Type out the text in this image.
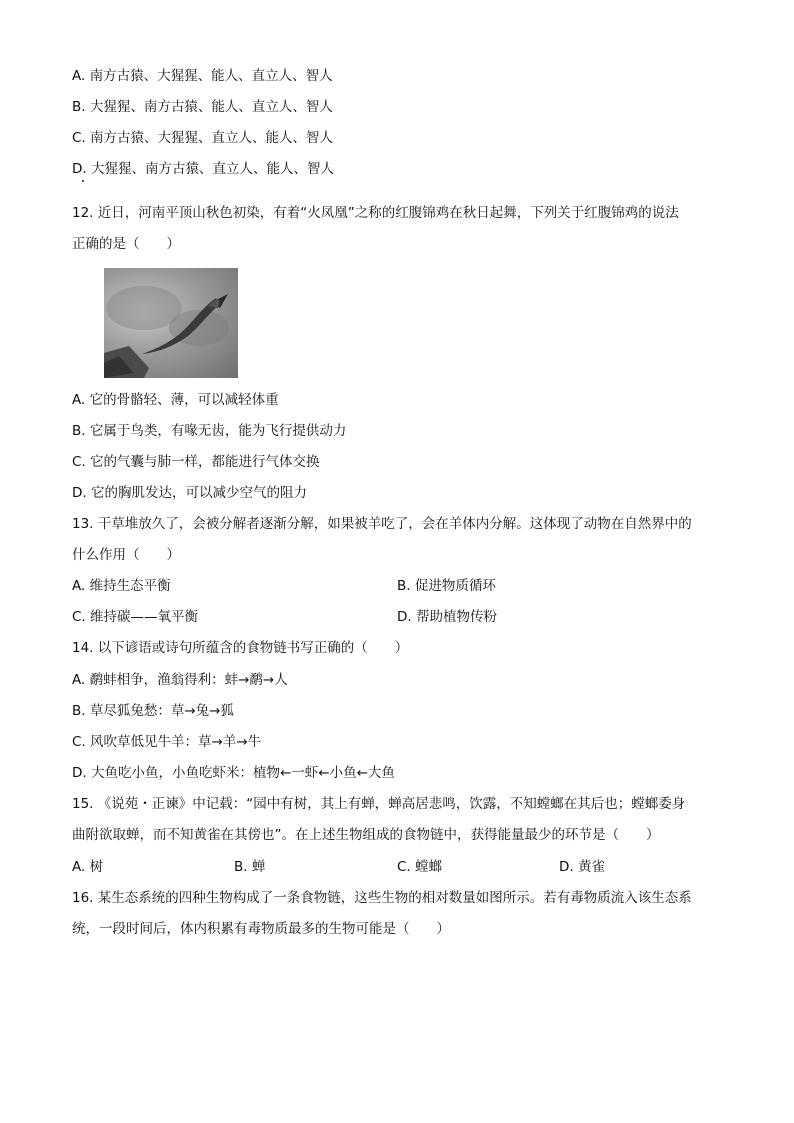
A. 南方古猿、大猩猩、能人、直立人、智人
B. 大猩猩、南方古猿、能人、直立人、智人
C. 南方古猿、大猩猩、直立人、能人、智人
D. 大猩猩、南方古猿、直立人、能人、智人
12. 近日，河南平顶山秋色初染，有着“火凤凰”之称的红腹锦鸡在秋日起舞，下列关于红腹锦鸡的说法
正确的是（　　）
A. 它的骨骼轻、薄，可以减轻体重
B. 它属于鸟类，有喙无齿，能为飞行提供动力
C. 它的气囊与肺一样，都能进行气体交换
D. 它的胸肌发达，可以减少空气的阻力
13. 干草堆放久了，会被分解者逐渐分解，如果被羊吃了，会在羊体内分解。这体现了动物在自然界中的
什么作用（　　）
A. 维持生态平衡	B. 促进物质循环
C. 维持碳——氧平衡	D. 帮助植物传粉
14. 以下谚语或诗句所蕴含的食物链书写正确的（　　）
A. 鹬蚌相争，渔翁得利：蚌→鹬→人
B. 草尽狐兔愁：草→兔→狐
C. 风吹草低见牛羊：草→羊→牛
D. 大鱼吃小鱼，小鱼吃虾米：植物←一虾←小鱼←大鱼
15. 《说苑・正谏》中记载：“园中有树，其上有蝉，蝉高居悲鸣，饮露，不知螳螂在其后也；螳螂委身
曲附欲取蝉，而不知黄雀在其傍也”。在上述生物组成的食物链中，获得能量最少的环节是（　　）
A. 树	B. 蝉	C. 螳螂	D. 黄雀
16. 某生态系统的四种生物构成了一条食物链，这些生物的相对数量如图所示。若有毒物质流入该生态系
统，一段时间后，体内积累有毒物质最多的生物可能是（　　）
